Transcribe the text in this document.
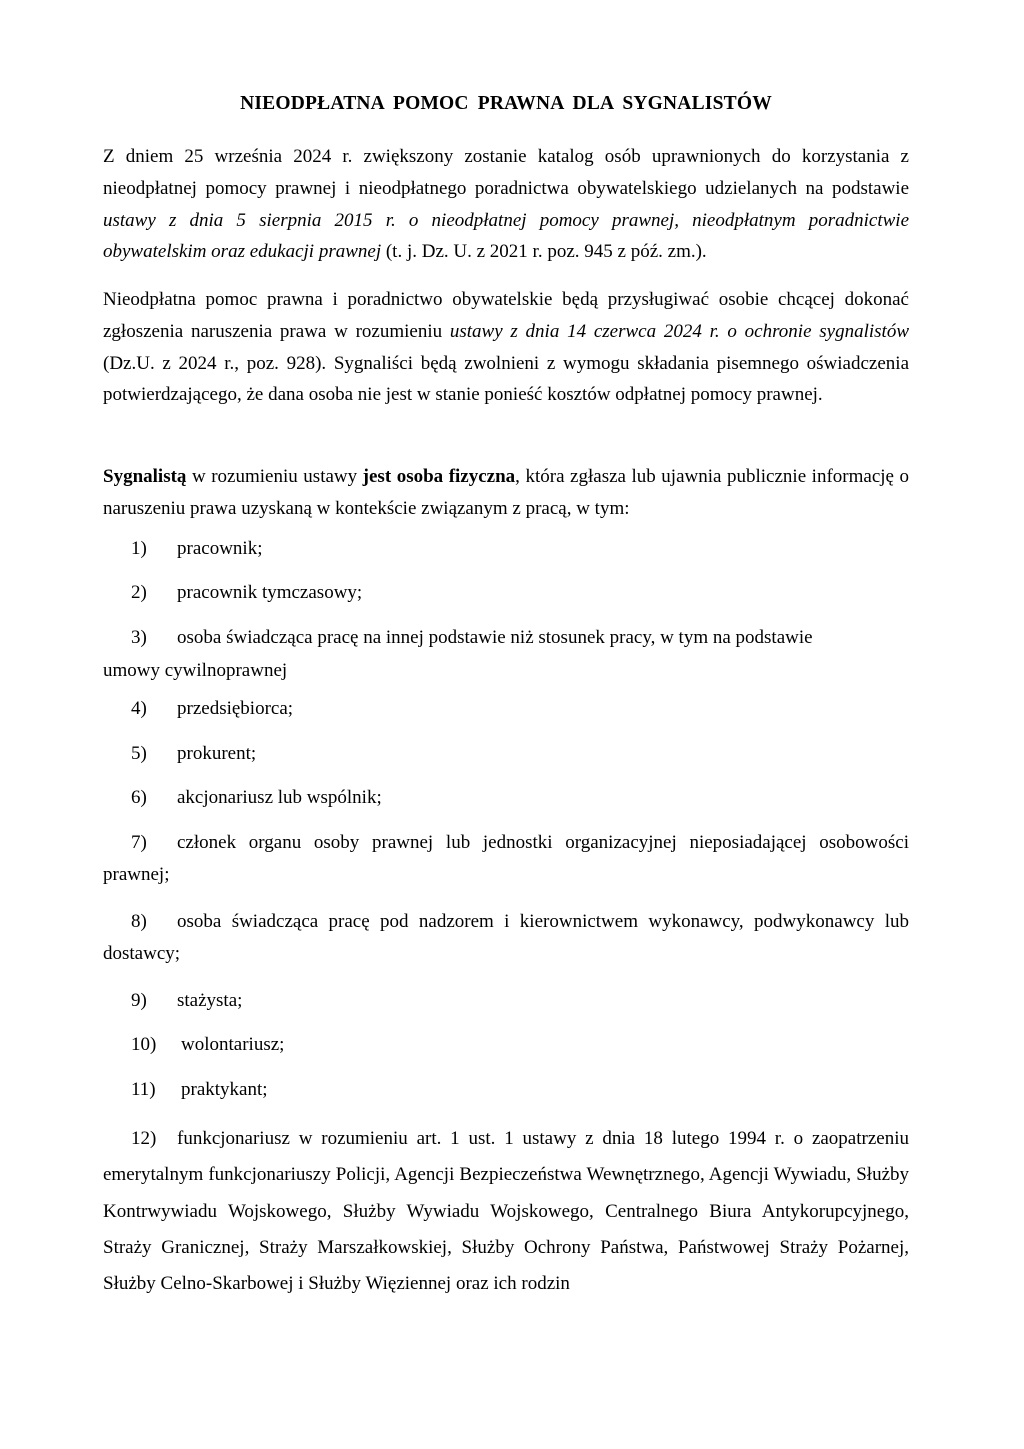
NIEODPŁATNA POMOC PRAWNA DLA SYGNALISTÓW

Z dniem 25 września 2024 r. zwiększony zostanie katalog osób uprawnionych do korzystania z nieodpłatnej pomocy prawnej i nieodpłatnego poradnictwa obywatelskiego udzielanych na podstawie ustawy z dnia 5 sierpnia 2015 r. o nieodpłatnej pomocy prawnej, nieodpłatnym poradnictwie obywatelskim oraz edukacji prawnej (t. j. Dz. U. z 2021 r. poz. 945 z póź. zm.).

Nieodpłatna pomoc prawna i poradnictwo obywatelskie będą przysługiwać osobie chcącej dokonać zgłoszenia naruszenia prawa w rozumieniu ustawy z dnia 14 czerwca 2024 r. o ochronie sygnalistów (Dz.U. z 2024 r., poz. 928). Sygnaliści będą zwolnieni z wymogu składania pisemnego oświadczenia potwierdzającego, że dana osoba nie jest w stanie ponieść kosztów odpłatnej pomocy prawnej.

Sygnalistą w rozumieniu ustawy jest osoba fizyczna, która zgłasza lub ujawnia publicznie informację o naruszeniu prawa uzyskaną w kontekście związanym z pracą, w tym:

1) pracownik;
2) pracownik tymczasowy;
3) osoba świadcząca pracę na innej podstawie niż stosunek pracy, w tym na podstawie
umowy cywilnoprawnej
4) przedsiębiorca;
5) prokurent;
6) akcjonariusz lub wspólnik;
7) członek organu osoby prawnej lub jednostki organizacyjnej nieposiadającej osobowości prawnej;
8) osoba świadcząca pracę pod nadzorem i kierownictwem wykonawcy, podwykonawcy lub dostawcy;
9) stażysta;
10) wolontariusz;
11) praktykant;
12) funkcjonariusz w rozumieniu art. 1 ust. 1 ustawy z dnia 18 lutego 1994 r. o zaopatrzeniu emerytalnym funkcjonariuszy Policji, Agencji Bezpieczeństwa Wewnętrznego, Agencji Wywiadu, Służby Kontrwywiadu Wojskowego, Służby Wywiadu Wojskowego, Centralnego Biura Antykorupcyjnego, Straży Granicznej, Straży Marszałkowskiej, Służby Ochrony Państwa, Państwowej Straży Pożarnej, Służby Celno-Skarbowej i Służby Więziennej oraz ich rodzin
